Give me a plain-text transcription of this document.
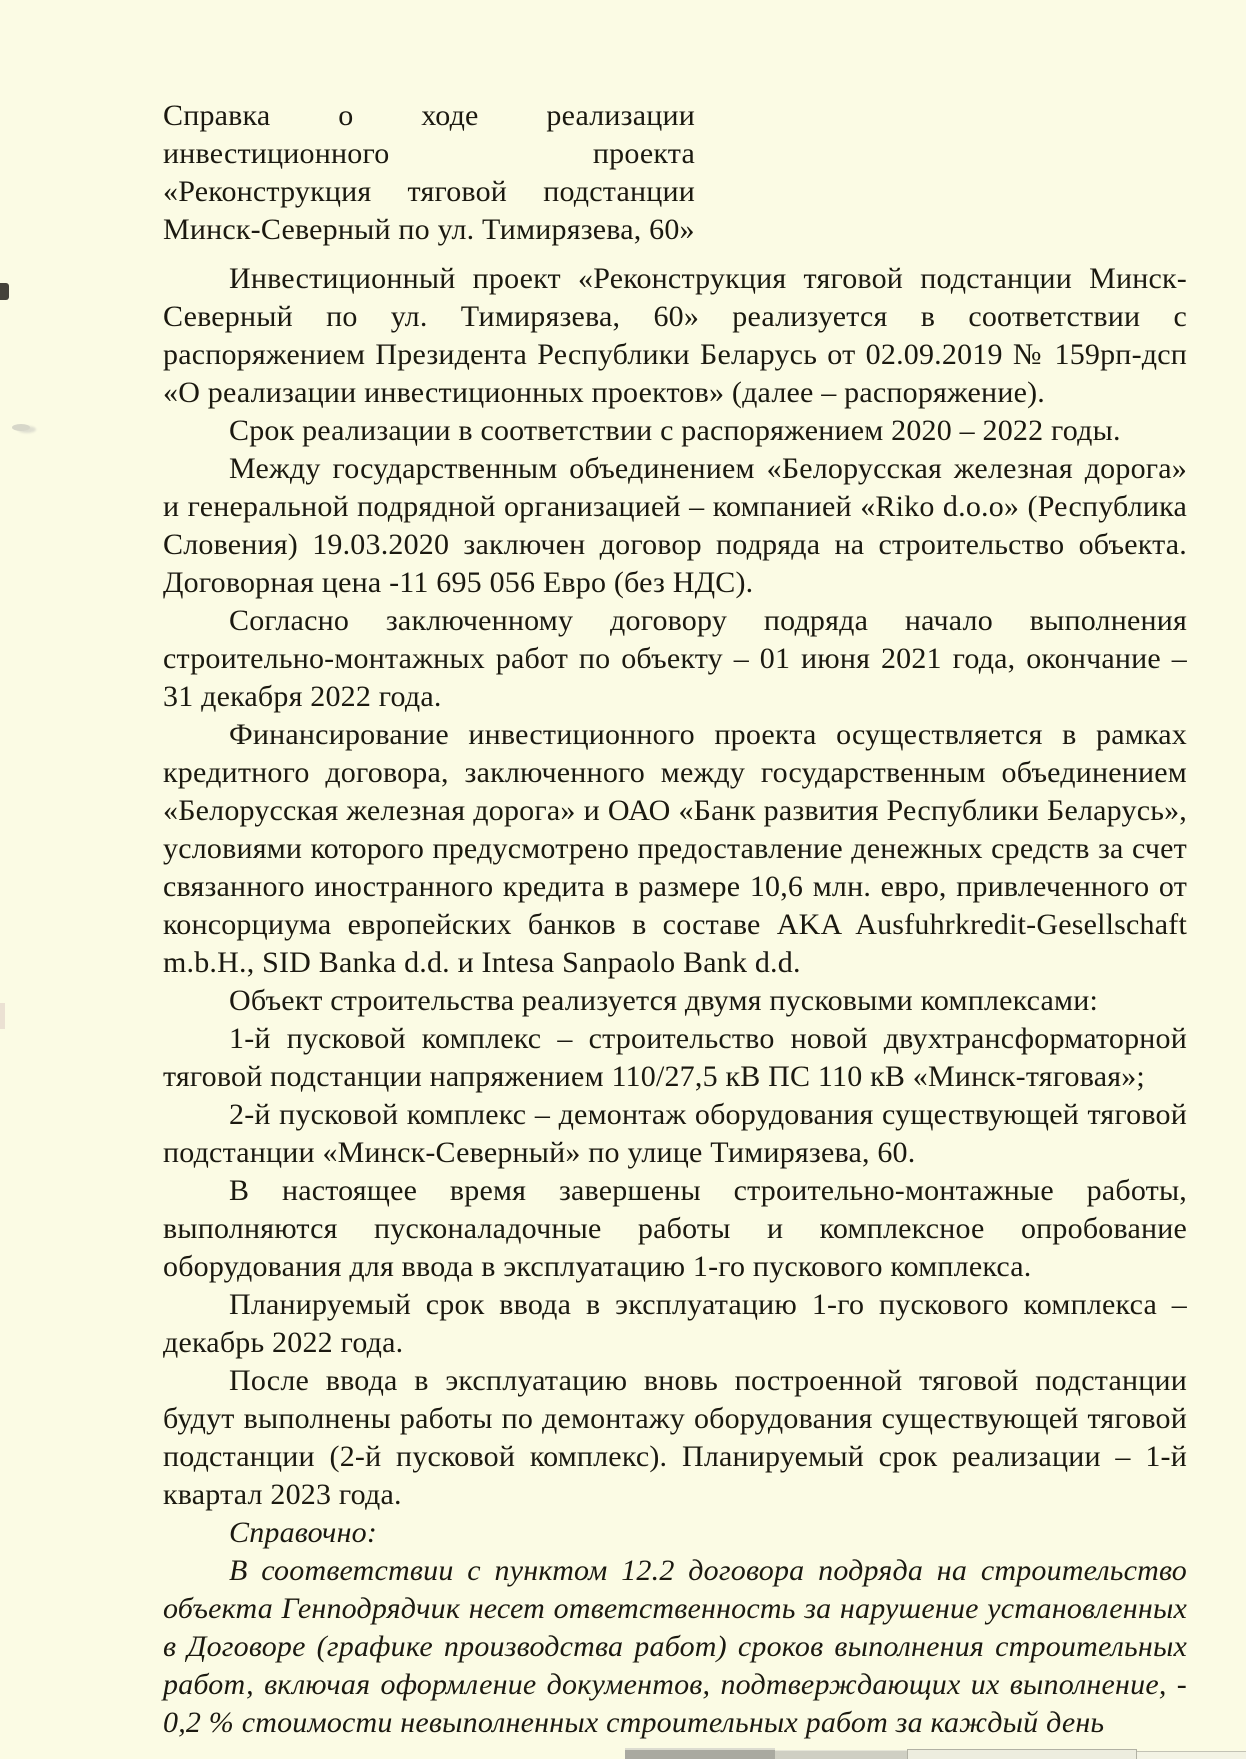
Справка о ходе реализации инвестиционного проекта «Реконструкция тяговой подстанции Минск-Северный по ул. Тимирязева, 60»

Инвестиционный проект «Реконструкция тяговой подстанции Минск-Северный по ул. Тимирязева, 60» реализуется в соответствии с распоряжением Президента Республики Беларусь от 02.09.2019 № 159рп-дсп «О реализации инвестиционных проектов» (далее – распоряжение).

Срок реализации в соответствии с распоряжением 2020 – 2022 годы.

Между государственным объединением «Белорусская железная дорога» и генеральной подрядной организацией – компанией «Riko d.o.o» (Республика Словения) 19.03.2020 заключен договор подряда на строительство объекта. Договорная цена -11 695 056 Евро (без НДС).

Согласно заключенному договору подряда начало выполнения строительно-монтажных работ по объекту – 01 июня 2021 года, окончание – 31 декабря 2022 года.

Финансирование инвестиционного проекта осуществляется в рамках кредитного договора, заключенного между государственным объединением «Белорусская железная дорога» и ОАО «Банк развития Республики Беларусь», условиями которого предусмотрено предоставление денежных средств за счет связанного иностранного кредита в размере 10,6 млн. евро, привлеченного от консорциума европейских банков в составе AKA Ausfuhrkredit-Gesellschaft m.b.H., SID Banka d.d. и Intesa Sanpaolo Bank d.d.

Объект строительства реализуется двумя пусковыми комплексами:

1-й пусковой комплекс – строительство новой двухтрансформаторной тяговой подстанции напряжением 110/27,5 кВ ПС 110 кВ «Минск-тяговая»;

2-й пусковой комплекс – демонтаж оборудования существующей тяговой подстанции «Минск-Северный» по улице Тимирязева, 60.

В настоящее время завершены строительно-монтажные работы, выполняются пусконаладочные работы и комплексное опробование оборудования для ввода в эксплуатацию 1-го пускового комплекса.

Планируемый срок ввода в эксплуатацию 1-го пускового комплекса – декабрь 2022 года.

После ввода в эксплуатацию вновь построенной тяговой подстанции будут выполнены работы по демонтажу оборудования существующей тяговой подстанции (2-й пусковой комплекс). Планируемый срок реализации – 1-й квартал 2023 года.

Справочно:

В соответствии с пунктом 12.2 договора подряда на строительство объекта Генподрядчик несет ответственность за нарушение установленных в Договоре (графике производства работ) сроков выполнения строительных работ, включая оформление документов, подтверждающих их выполнение, - 0,2 % стоимости невыполненных строительных работ за каждый день
